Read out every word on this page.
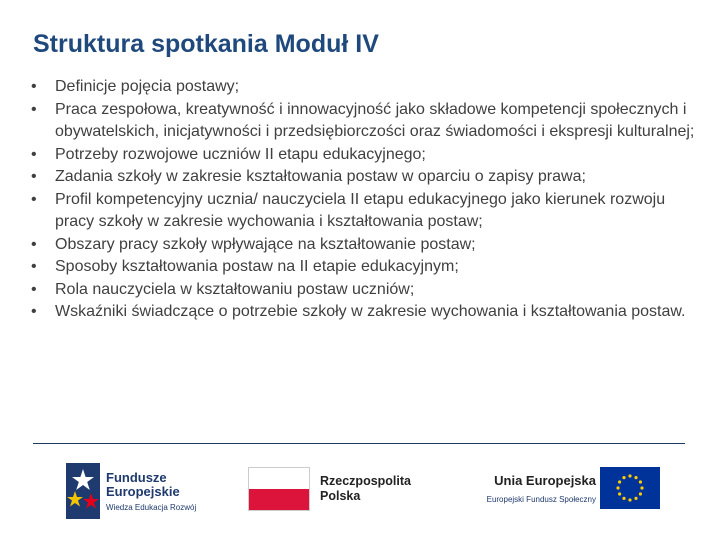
Struktura spotkania Moduł IV
• Definicje pojęcia postawy;
• Praca zespołowa, kreatywność i innowacyjność jako składowe kompetencji społecznych i obywatelskich, inicjatywności i przedsiębiorczości oraz świadomości i ekspresji kulturalnej;
• Potrzeby rozwojowe uczniów II etapu edukacyjnego;
• Zadania szkoły w zakresie kształtowania postaw w oparciu o zapisy prawa;
• Profil kompetencyjny ucznia/ nauczyciela II etapu edukacyjnego jako kierunek rozwoju pracy szkoły w zakresie wychowania i kształtowania postaw;
• Obszary pracy szkoły wpływające na kształtowanie postaw;
• Sposoby kształtowania postaw na II etapie edukacyjnym;
• Rola nauczyciela w kształtowaniu postaw uczniów;
• Wskaźniki świadczące o potrzebie szkoły w zakresie wychowania i kształtowania postaw.
Fundusze
Europejskie
Wiedza Edukacja Rozwój
Rzeczpospolita
Polska
Unia Europejska
Europejski Fundusz Społeczny
